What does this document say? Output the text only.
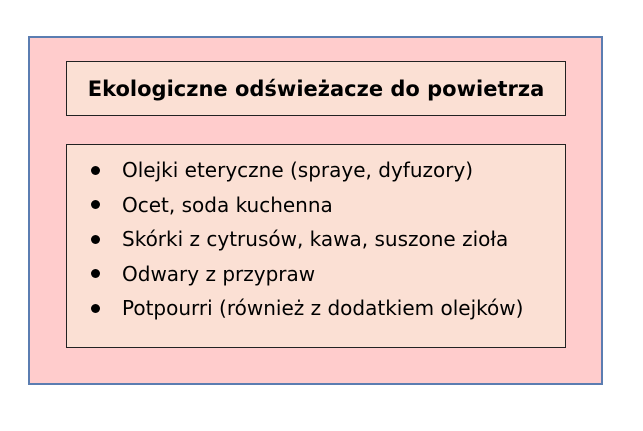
Ekologiczne odświeżacze do powietrza
Olejki eteryczne (spraye, dyfuzory)
Ocet, soda kuchenna
Skórki z cytrusów, kawa, suszone zioła
Odwary z przypraw
Potpourri (również z dodatkiem olejków)
